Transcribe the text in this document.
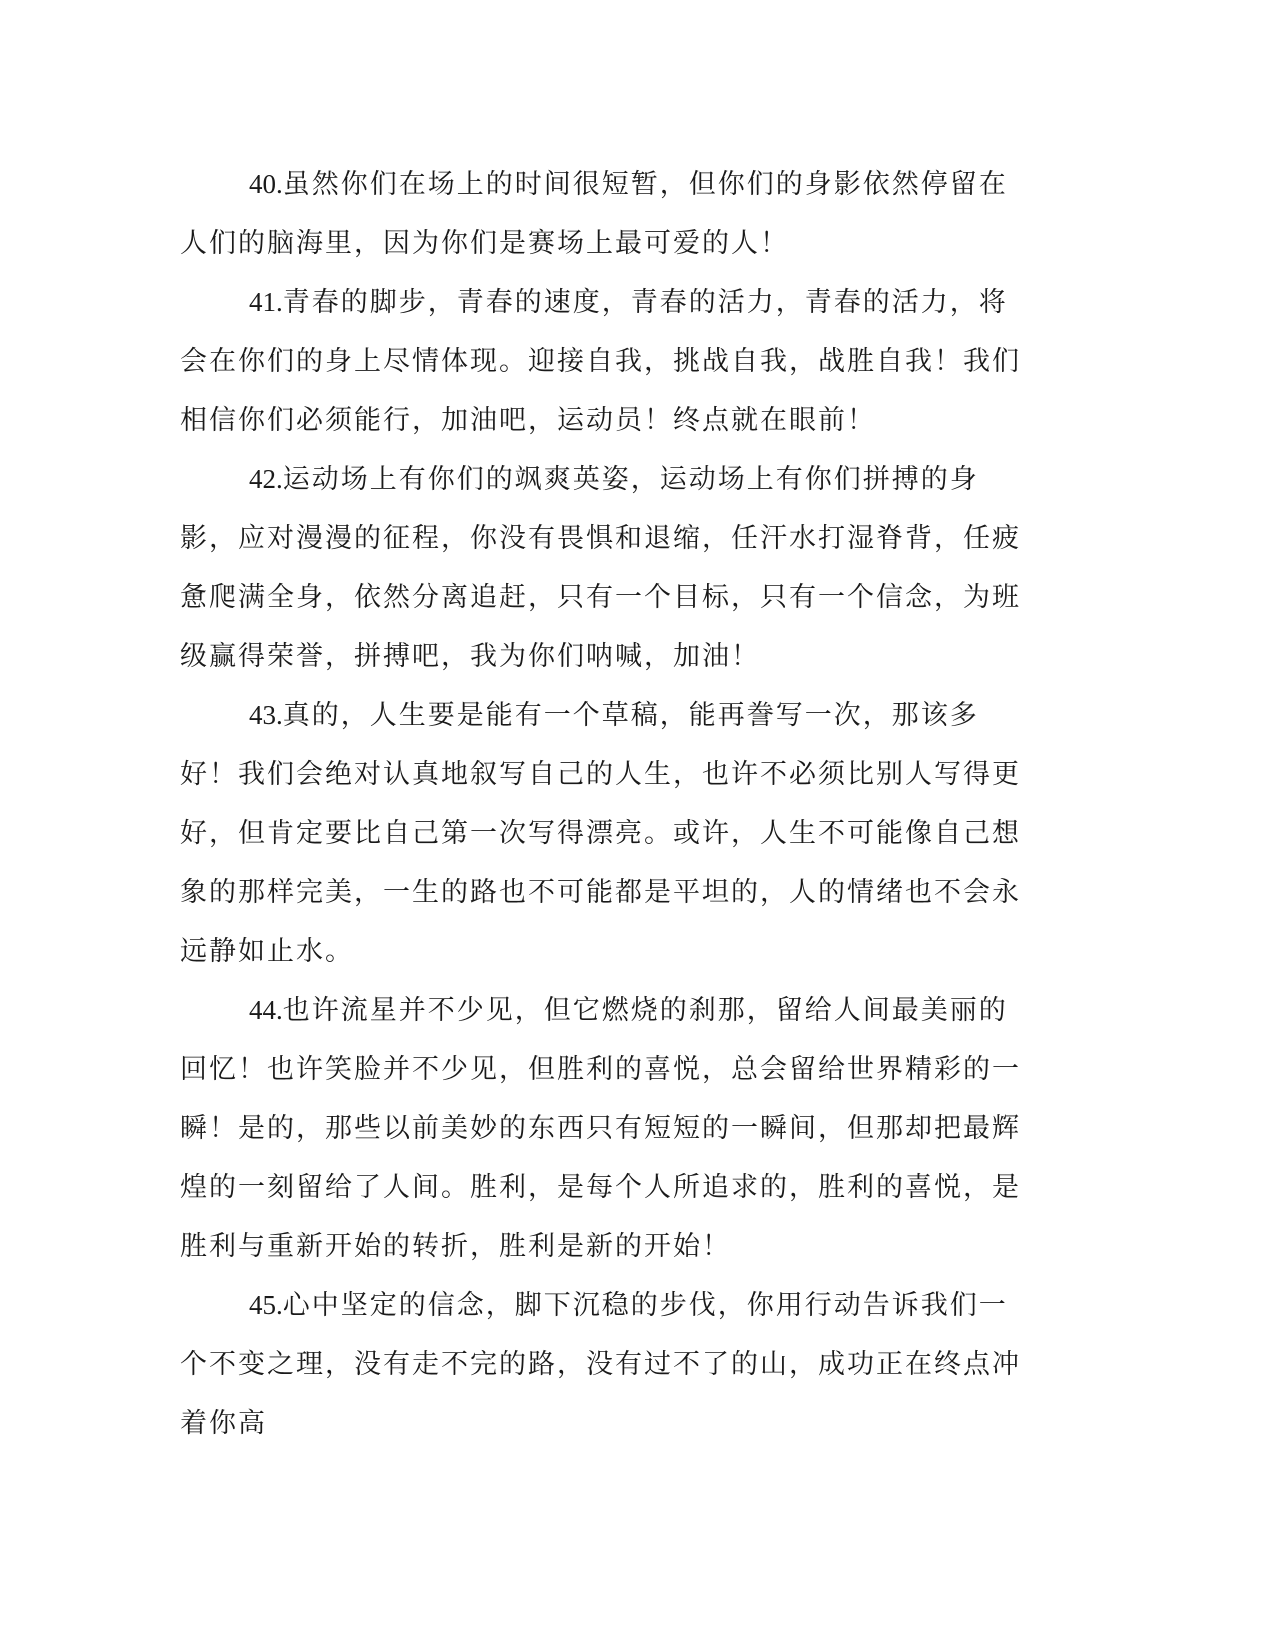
40.虽然你们在场上的时间很短暂，但你们的身影依然停留在人们的脑海里，因为你们是赛场上最可爱的人！

41.青春的脚步，青春的速度，青春的活力，青春的活力，将会在你们的身上尽情体现。迎接自我，挑战自我，战胜自我！我们相信你们必须能行，加油吧，运动员！终点就在眼前！

42.运动场上有你们的飒爽英姿，运动场上有你们拼搏的身影，应对漫漫的征程，你没有畏惧和退缩，任汗水打湿脊背，任疲惫爬满全身，依然分离追赶，只有一个目标，只有一个信念，为班级赢得荣誉，拼搏吧，我为你们呐喊，加油！

43.真的，人生要是能有一个草稿，能再誊写一次，那该多好！我们会绝对认真地叙写自己的人生，也许不必须比别人写得更好，但肯定要比自己第一次写得漂亮。或许，人生不可能像自己想象的那样完美，一生的路也不可能都是平坦的，人的情绪也不会永远静如止水。

44.也许流星并不少见，但它燃烧的刹那，留给人间最美丽的回忆！也许笑脸并不少见，但胜利的喜悦，总会留给世界精彩的一瞬！是的，那些以前美妙的东西只有短短的一瞬间，但那却把最辉煌的一刻留给了人间。胜利，是每个人所追求的，胜利的喜悦，是胜利与重新开始的转折，胜利是新的开始！

45.心中坚定的信念，脚下沉稳的步伐，你用行动告诉我们一个不变之理，没有走不完的路，没有过不了的山，成功正在终点冲着你高
